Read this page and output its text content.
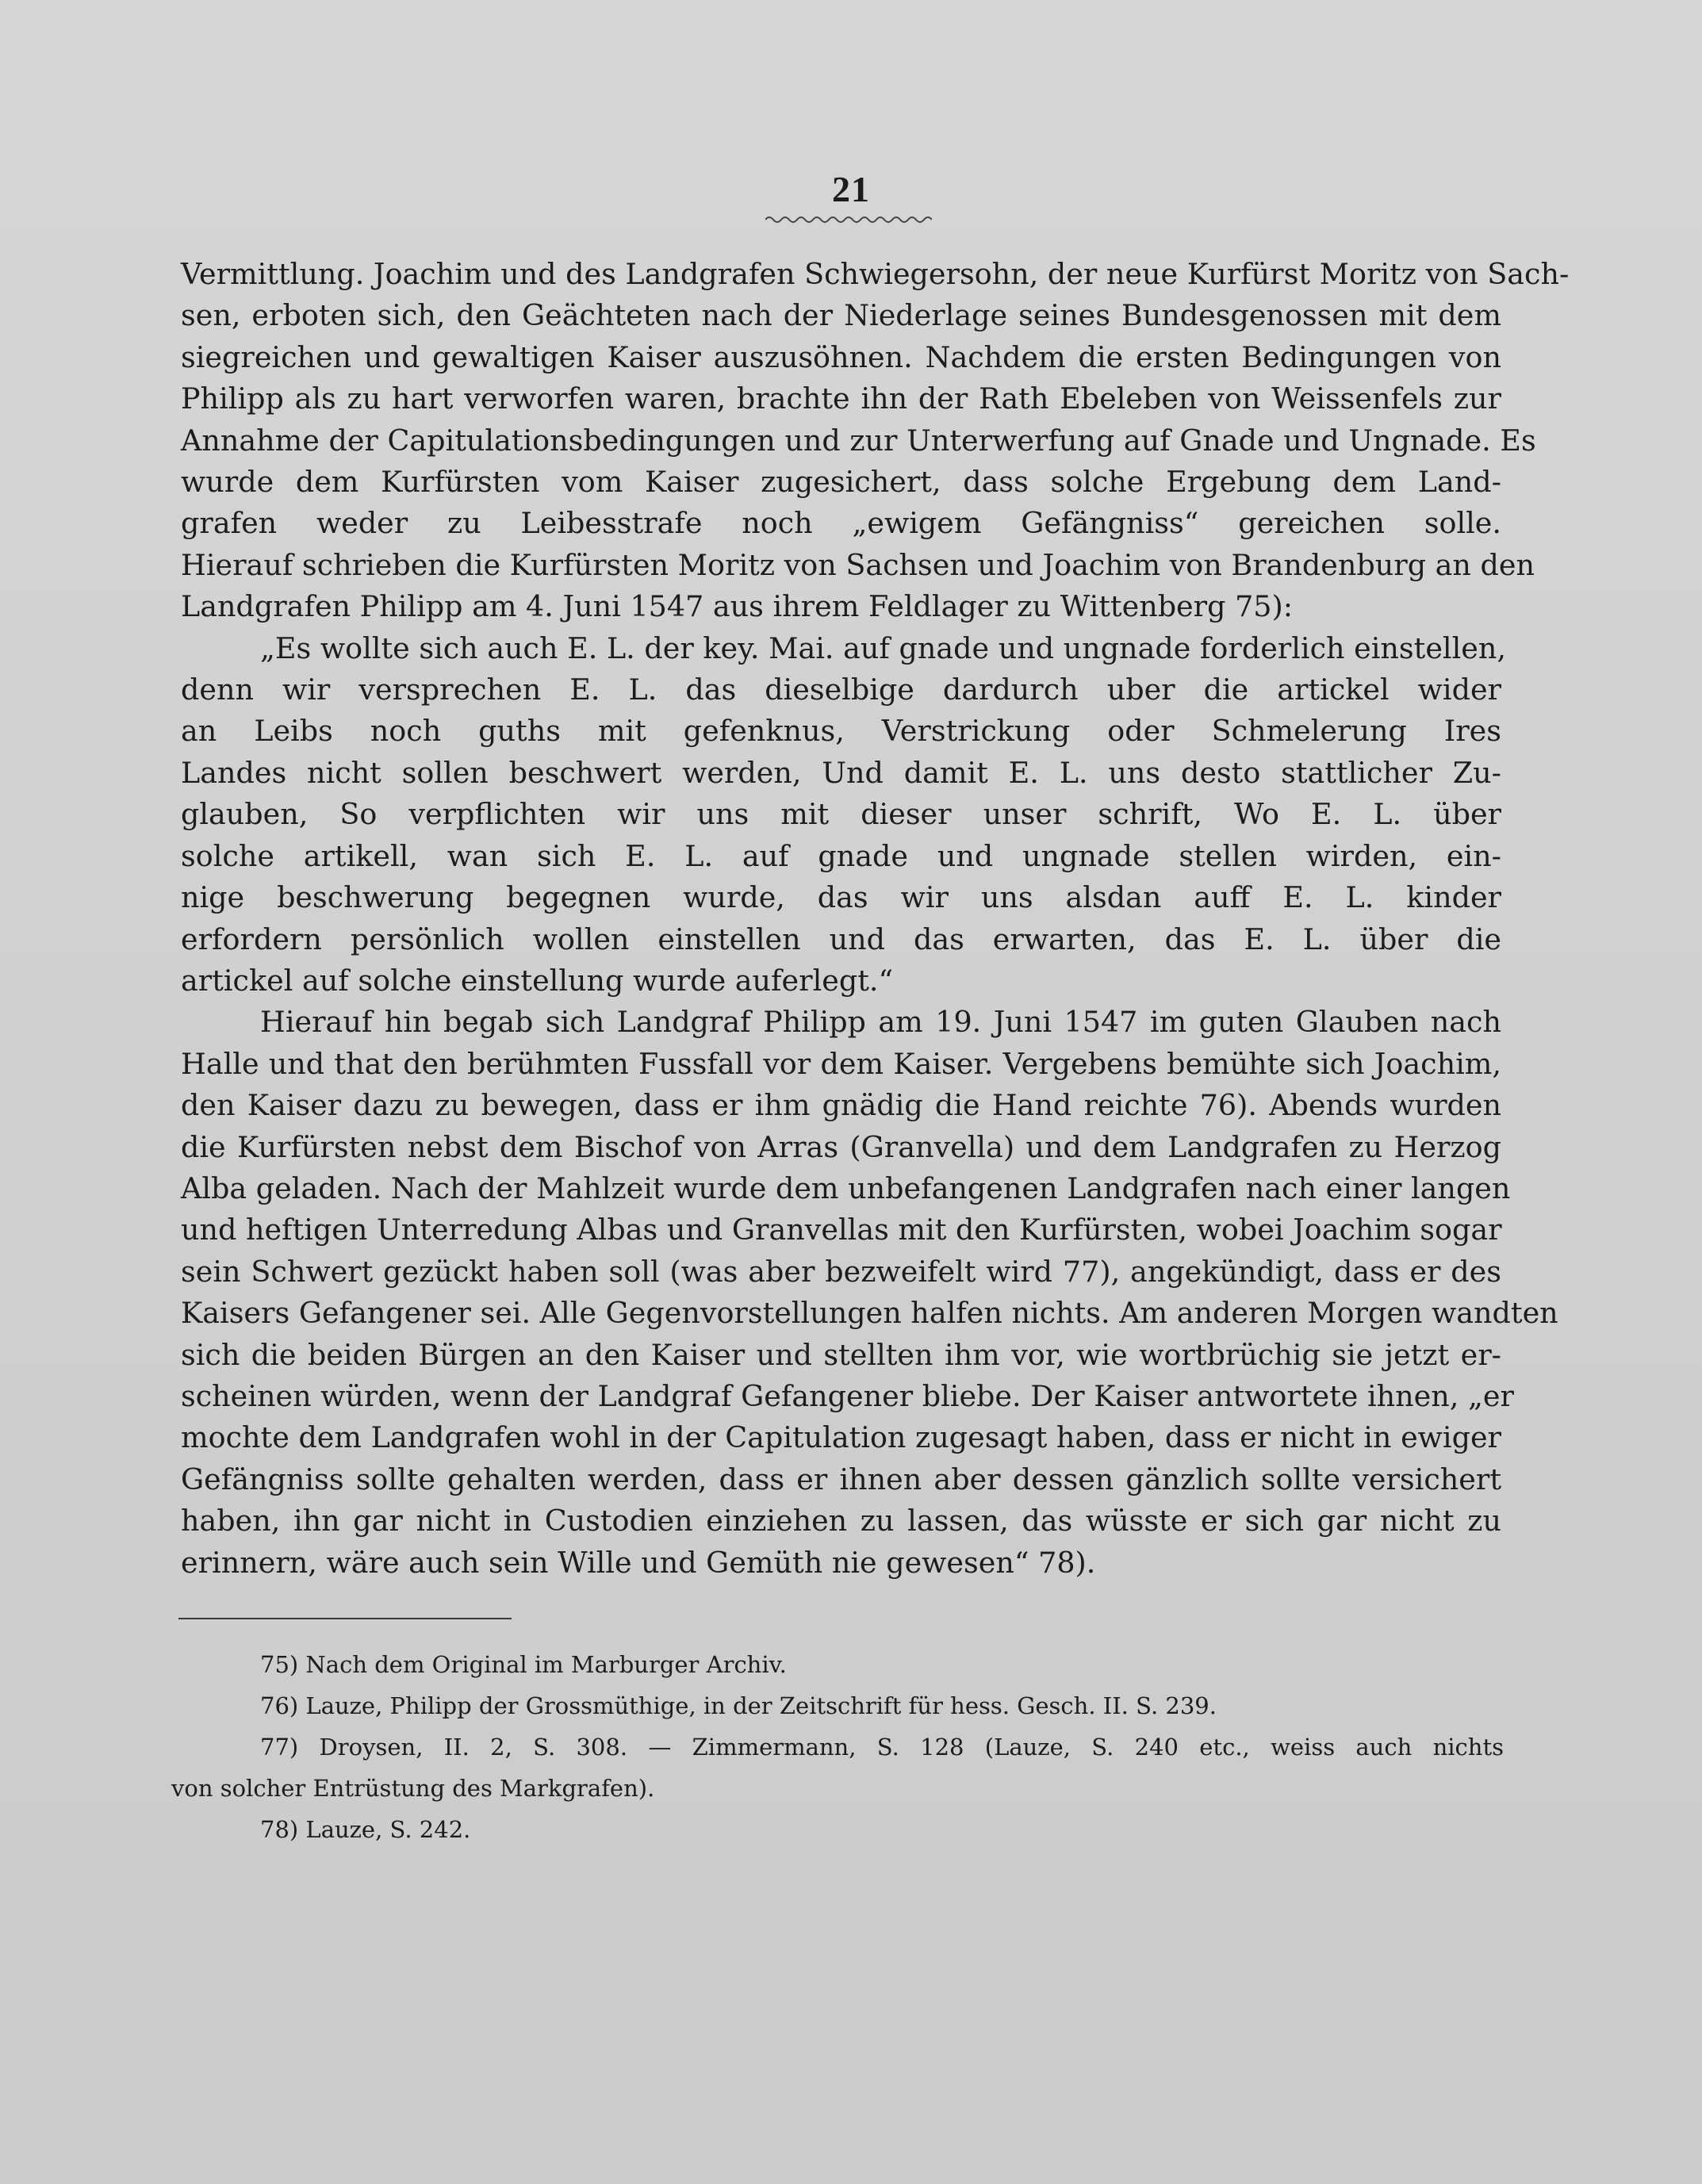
21
Vermittlung. Joachim und des Landgrafen Schwiegersohn, der neue Kurfürst Moritz von Sach-
sen, erboten sich, den Geächteten nach der Niederlage seines Bundesgenossen mit dem
siegreichen und gewaltigen Kaiser auszusöhnen. Nachdem die ersten Bedingungen von
Philipp als zu hart verworfen waren, brachte ihn der Rath Ebeleben von Weissenfels zur
Annahme der Capitulationsbedingungen und zur Unterwerfung auf Gnade und Ungnade. Es
wurde dem Kurfürsten vom Kaiser zugesichert, dass solche Ergebung dem Land-
grafen weder zu Leibesstrafe noch „ewigem Gefängniss“ gereichen solle.
Hierauf schrieben die Kurfürsten Moritz von Sachsen und Joachim von Brandenburg an den
Landgrafen Philipp am 4. Juni 1547 aus ihrem Feldlager zu Wittenberg 75):
„Es wollte sich auch E. L. der key. Mai. auf gnade und ungnade forderlich einstellen,
denn wir versprechen E. L. das dieselbige dardurch uber die artickel wider
an Leibs noch guths mit gefenknus, Verstrickung oder Schmelerung Ires
Landes nicht sollen beschwert werden, Und damit E. L. uns desto stattlicher Zu-
glauben, So verpflichten wir uns mit dieser unser schrift, Wo E. L. über
solche artikell, wan sich E. L. auf gnade und ungnade stellen wirden, ein-
nige beschwerung begegnen wurde, das wir uns alsdan auff E. L. kinder
erfordern persönlich wollen einstellen und das erwarten, das E. L. über die
artickel auf solche einstellung wurde auferlegt.“
Hierauf hin begab sich Landgraf Philipp am 19. Juni 1547 im guten Glauben nach
Halle und that den berühmten Fussfall vor dem Kaiser. Vergebens bemühte sich Joachim,
den Kaiser dazu zu bewegen, dass er ihm gnädig die Hand reichte 76). Abends wurden
die Kurfürsten nebst dem Bischof von Arras (Granvella) und dem Landgrafen zu Herzog
Alba geladen. Nach der Mahlzeit wurde dem unbefangenen Landgrafen nach einer langen
und heftigen Unterredung Albas und Granvellas mit den Kurfürsten, wobei Joachim sogar
sein Schwert gezückt haben soll (was aber bezweifelt wird 77), angekündigt, dass er des
Kaisers Gefangener sei. Alle Gegenvorstellungen halfen nichts. Am anderen Morgen wandten
sich die beiden Bürgen an den Kaiser und stellten ihm vor, wie wortbrüchig sie jetzt er-
scheinen würden, wenn der Landgraf Gefangener bliebe. Der Kaiser antwortete ihnen, „er
mochte dem Landgrafen wohl in der Capitulation zugesagt haben, dass er nicht in ewiger
Gefängniss sollte gehalten werden, dass er ihnen aber dessen gänzlich sollte versichert
haben, ihn gar nicht in Custodien einziehen zu lassen, das wüsste er sich gar nicht zu
erinnern, wäre auch sein Wille und Gemüth nie gewesen“ 78).
75) Nach dem Original im Marburger Archiv.
76) Lauze, Philipp der Grossmüthige, in der Zeitschrift für hess. Gesch. II. S. 239.
77) Droysen, II. 2, S. 308. — Zimmermann, S. 128 (Lauze, S. 240 etc., weiss auch nichts
von solcher Entrüstung des Markgrafen).
78) Lauze, S. 242.
